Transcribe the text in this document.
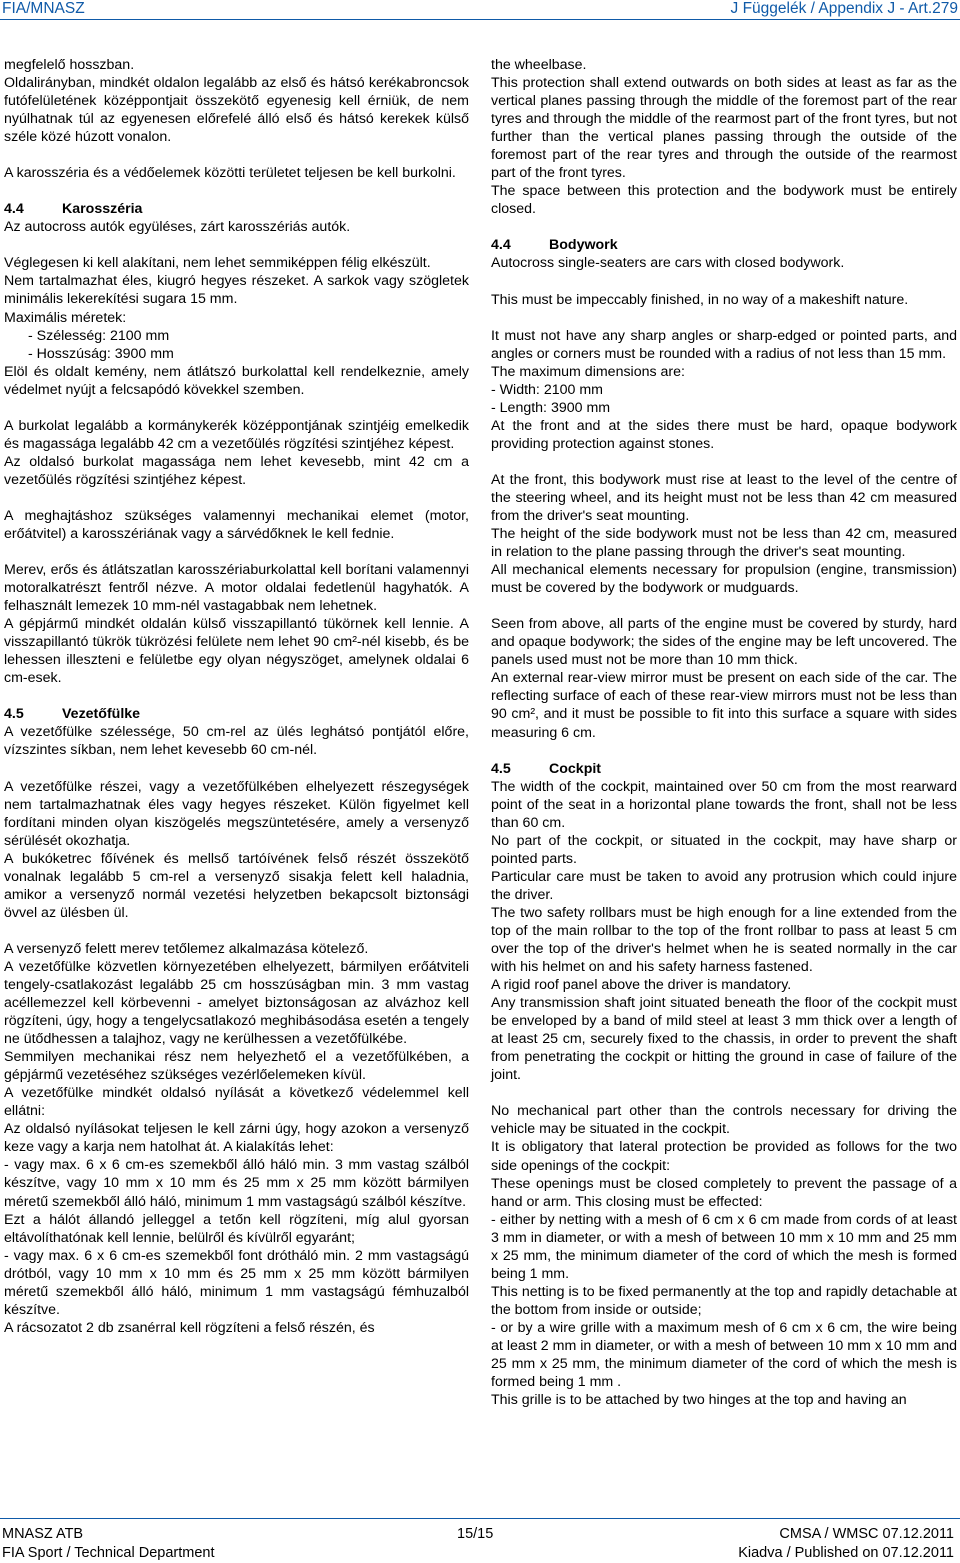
FIA/MNASZ	J Függelék / Appendix J - Art.279

megfelelő hosszban.

Oldalirányban, mindkét oldalon legalább az első és hátsó kerékabroncsok futófelületének középpontjait összekötő egyenesig kell érniük, de nem nyúlhatnak túl az egyenesen előrefelé álló első és hátsó kerekek külső széle közé húzott vonalon.

A karosszéria és a védőelemek közötti területet teljesen be kell burkolni.

4.4	Karosszéria

Az autocross autók együléses, zárt karosszériás autók.

Véglegesen ki kell alakítani, nem lehet semmiképpen félig elkészült.

Nem tartalmazhat éles, kiugró hegyes részeket. A sarkok vagy szögletek minimális lekerekítési sugara 15 mm.

Maximális méretek:

- Szélesség: 2100 mm

- Hosszúság: 3900 mm

Elöl és oldalt kemény, nem átlátszó burkolattal kell rendelkeznie, amely védelmet nyújt a felcsapódó kövekkel szemben.

A burkolat legalább a kormánykerék középpontjának szintjéig emelkedik és magassága legalább 42 cm a vezetőülés rögzítési szintjéhez képest.

Az oldalsó burkolat magassága nem lehet kevesebb, mint 42 cm a vezetőülés rögzítési szintjéhez képest.

A meghajtáshoz szükséges valamennyi mechanikai elemet (motor, erőátvitel) a karosszériának vagy a sárvédőknek le kell fednie.

Merev, erős és átlátszatlan karosszériaburkolattal kell borítani valamennyi motoralkatrészt fentről nézve. A motor oldalai fedetlenül hagyhatók. A felhasznált lemezek 10 mm-nél vastagabbak nem lehetnek.

A gépjármű mindkét oldalán külső visszapillantó tükörnek kell lennie. A visszapillantó tükrök tükrözési felülete nem lehet 90 cm²-nél kisebb, és be lehessen illeszteni e felületbe egy olyan négyszöget, amelynek oldalai 6 cm-esek.

4.5	Vezetőfülke

A vezetőfülke szélessége, 50 cm-rel az ülés leghátsó pontjától előre, vízszintes síkban, nem lehet kevesebb 60 cm-nél.

A vezetőfülke részei, vagy a vezetőfülkében elhelyezett részegységek nem tartalmazhatnak éles vagy hegyes részeket. Külön figyelmet kell fordítani minden olyan kiszögelés megszüntetésére, amely a versenyző sérülését okozhatja.

A bukóketrec főívének és mellső tartóívének felső részét összekötő vonalnak legalább 5 cm-rel a versenyző sisakja felett kell haladnia, amikor a versenyző normál vezetési helyzetben bekapcsolt biztonsági övvel az ülésben ül.

A versenyző felett merev tetőlemez alkalmazása kötelező.

A vezetőfülke közvetlen környezetében elhelyezett, bármilyen erőátviteli tengely-csatlakozást legalább 25 cm hosszúságban min. 3 mm vastag acéllemezzel kell körbevenni - amelyet biztonságosan az alvázhoz kell rögzíteni, úgy, hogy a tengelycsatlakozó meghibásodása esetén a tengely ne ütődhessen a talajhoz, vagy ne kerülhessen a vezetőfülkébe.

Semmilyen mechanikai rész nem helyezhető el a vezetőfülkében, a gépjármű vezetéséhez szükséges vezérlőelemeken kívül.

A vezetőfülke mindkét oldalsó nyílását a következő védelemmel kell ellátni:

Az oldalsó nyílásokat teljesen le kell zárni úgy, hogy azokon a versenyző keze vagy a karja nem hatolhat át. A kialakítás lehet:

- vagy max. 6 x 6 cm-es szemekből álló háló min. 3 mm vastag szálból készítve, vagy 10 mm x 10 mm és 25 mm x 25 mm között bármilyen méretű szemekből álló háló, minimum 1 mm vastagságú szálból készítve.

Ezt a hálót állandó jelleggel a tetőn kell rögzíteni, míg alul gyorsan eltávolíthatónak kell lennie, belülről és kívülről egyaránt;

- vagy max. 6 x 6 cm-es szemekből font drótháló min. 2 mm vastagságú drótból, vagy 10 mm x 10 mm és 25 mm x 25 mm között bármilyen méretű szemekből álló háló, minimum 1 mm vastagságú fémhuzalból készítve.

A rácsozatot 2 db zsanérral kell rögzíteni a felső részén, és

the wheelbase.

This protection shall extend outwards on both sides at least as far as the vertical planes passing through the middle of the foremost part of the rear tyres and through the middle of the rearmost part of the front tyres, but not further than the vertical planes passing through the outside of the foremost part of the rear tyres and through the outside of the rearmost part of the front tyres.

The space between this protection and the bodywork must be entirely closed.

4.4	Bodywork

Autocross single-seaters are cars with closed bodywork.

This must be impeccably finished, in no way of a makeshift nature.

It must not have any sharp angles or sharp-edged or pointed parts, and angles or corners must be rounded with a radius of not less than 15 mm.

The maximum dimensions are:

- Width: 2100 mm

- Length: 3900 mm

At the front and at the sides there must be hard, opaque bodywork providing protection against stones.

At the front, this bodywork must rise at least to the level of the centre of the steering wheel, and its height must not be less than 42 cm measured from the driver's seat mounting.

The height of the side bodywork must not be less than 42 cm, measured in relation to the plane passing through the driver's seat mounting.

All mechanical elements necessary for propulsion (engine, transmission) must be covered by the bodywork or mudguards.

Seen from above, all parts of the engine must be covered by sturdy, hard and opaque bodywork; the sides of the engine may be left uncovered. The panels used must not be more than 10 mm thick.

An external rear-view mirror must be present on each side of the car. The reflecting surface of each of these rear-view mirrors must not be less than 90 cm², and it must be possible to fit into this surface a square with sides measuring 6 cm.

4.5	Cockpit

The width of the cockpit, maintained over 50 cm from the most rearward point of the seat in a horizontal plane towards the front, shall not be less than 60 cm.

No part of the cockpit, or situated in the cockpit, may have sharp or pointed parts.

Particular care must be taken to avoid any protrusion which could injure the driver.

The two safety rollbars must be high enough for a line extended from the top of the main rollbar to the top of the front rollbar to pass at least 5 cm over the top of the driver's helmet when he is seated normally in the car with his helmet on and his safety harness fastened.

A rigid roof panel above the driver is mandatory.

Any transmission shaft joint situated beneath the floor of the cockpit must be enveloped by a band of mild steel at least 3 mm thick over a length of at least 25 cm, securely fixed to the chassis, in order to prevent the shaft from penetrating the cockpit or hitting the ground in case of failure of the joint.

No mechanical part other than the controls necessary for driving the vehicle may be situated in the cockpit.

It is obligatory that lateral protection be provided as follows for the two side openings of the cockpit:

These openings must be closed completely to prevent the passage of a hand or arm. This closing must be effected:

- either by netting with a mesh of 6 cm x 6 cm made from cords of at least 3 mm in diameter, or with a mesh of between 10 mm x 10 mm and 25 mm x 25 mm, the minimum diameter of the cord of which the mesh is formed being 1 mm.

This netting is to be fixed permanently at the top and rapidly detachable at the bottom from inside or outside;

- or by a wire grille with a maximum mesh of 6 cm x 6 cm, the wire being at least 2 mm in diameter, or with a mesh of between 10 mm x 10 mm and 25 mm x 25 mm, the minimum diameter of the cord of which the mesh is formed being 1 mm .

This grille is to be attached by two hinges at the top and having an

MNASZ ATB
FIA Sport / Technical Department
15/15	CMSA / WMSC 07.12.2011
Kiadva / Published on 07.12.2011
